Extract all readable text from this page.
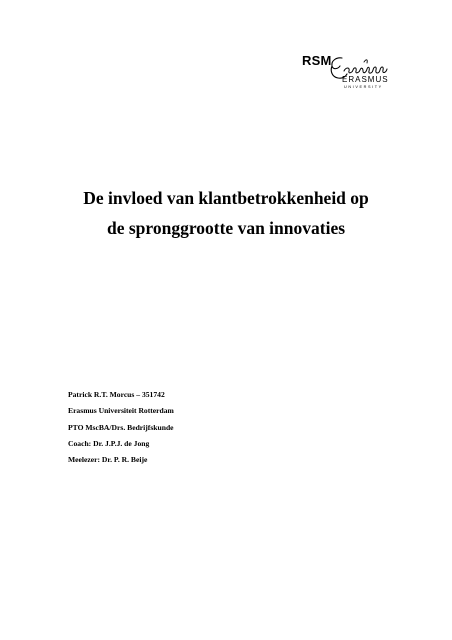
RSM
ERASMUS
UNIVERSITY
De invloed van klantbetrokkenheid op
de spronggrootte van innovaties
Patrick R.T. Morcus – 351742
Erasmus Universiteit Rotterdam
PTO MscBA/Drs. Bedrijfskunde
Coach: Dr. J.P.J. de Jong
Meelezer: Dr. P. R. Beije
